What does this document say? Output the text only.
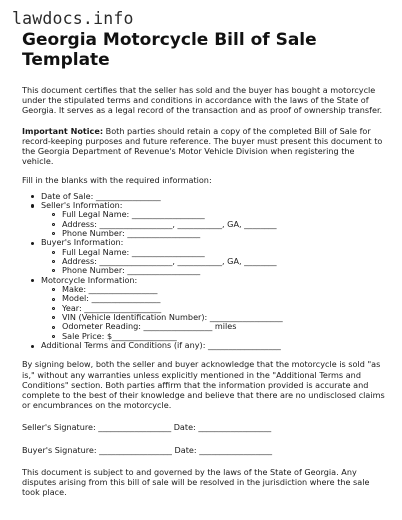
lawdocs.info
Georgia Motorcycle Bill of Sale Template

This document certifies that the seller has sold and the buyer has bought a motorcycle under the stipulated terms and conditions in accordance with the laws of the State of Georgia. It serves as a legal record of the transaction and as proof of ownership transfer.

Important Notice: Both parties should retain a copy of the completed Bill of Sale for record-keeping purposes and future reference. The buyer must present this document to the Georgia Department of Revenue's Motor Vehicle Division when registering the vehicle.

Fill in the blanks with the required information:

Date of Sale: ________________
Seller's Information:
Full Legal Name: __________________
Address: __________________, ___________, GA, ________
Phone Number: __________________
Buyer's Information:
Full Legal Name: __________________
Address: __________________, ___________, GA, ________
Phone Number: __________________
Motorcycle Information:
Make: _________________
Model: _________________
Year: ___________________
VIN (Vehicle Identification Number): __________________
Odometer Reading: _________________ miles
Sale Price: $________________
Additional Terms and Conditions (if any): __________________

By signing below, both the seller and buyer acknowledge that the motorcycle is sold "as is," without any warranties unless explicitly mentioned in the "Additional Terms and Conditions" section. Both parties affirm that the information provided is accurate and complete to the best of their knowledge and believe that there are no undisclosed claims or encumbrances on the motorcycle.

Seller's Signature: __________________ Date: __________________

Buyer's Signature: __________________ Date: __________________

This document is subject to and governed by the laws of the State of Georgia. Any disputes arising from this bill of sale will be resolved in the jurisdiction where the sale took place.
